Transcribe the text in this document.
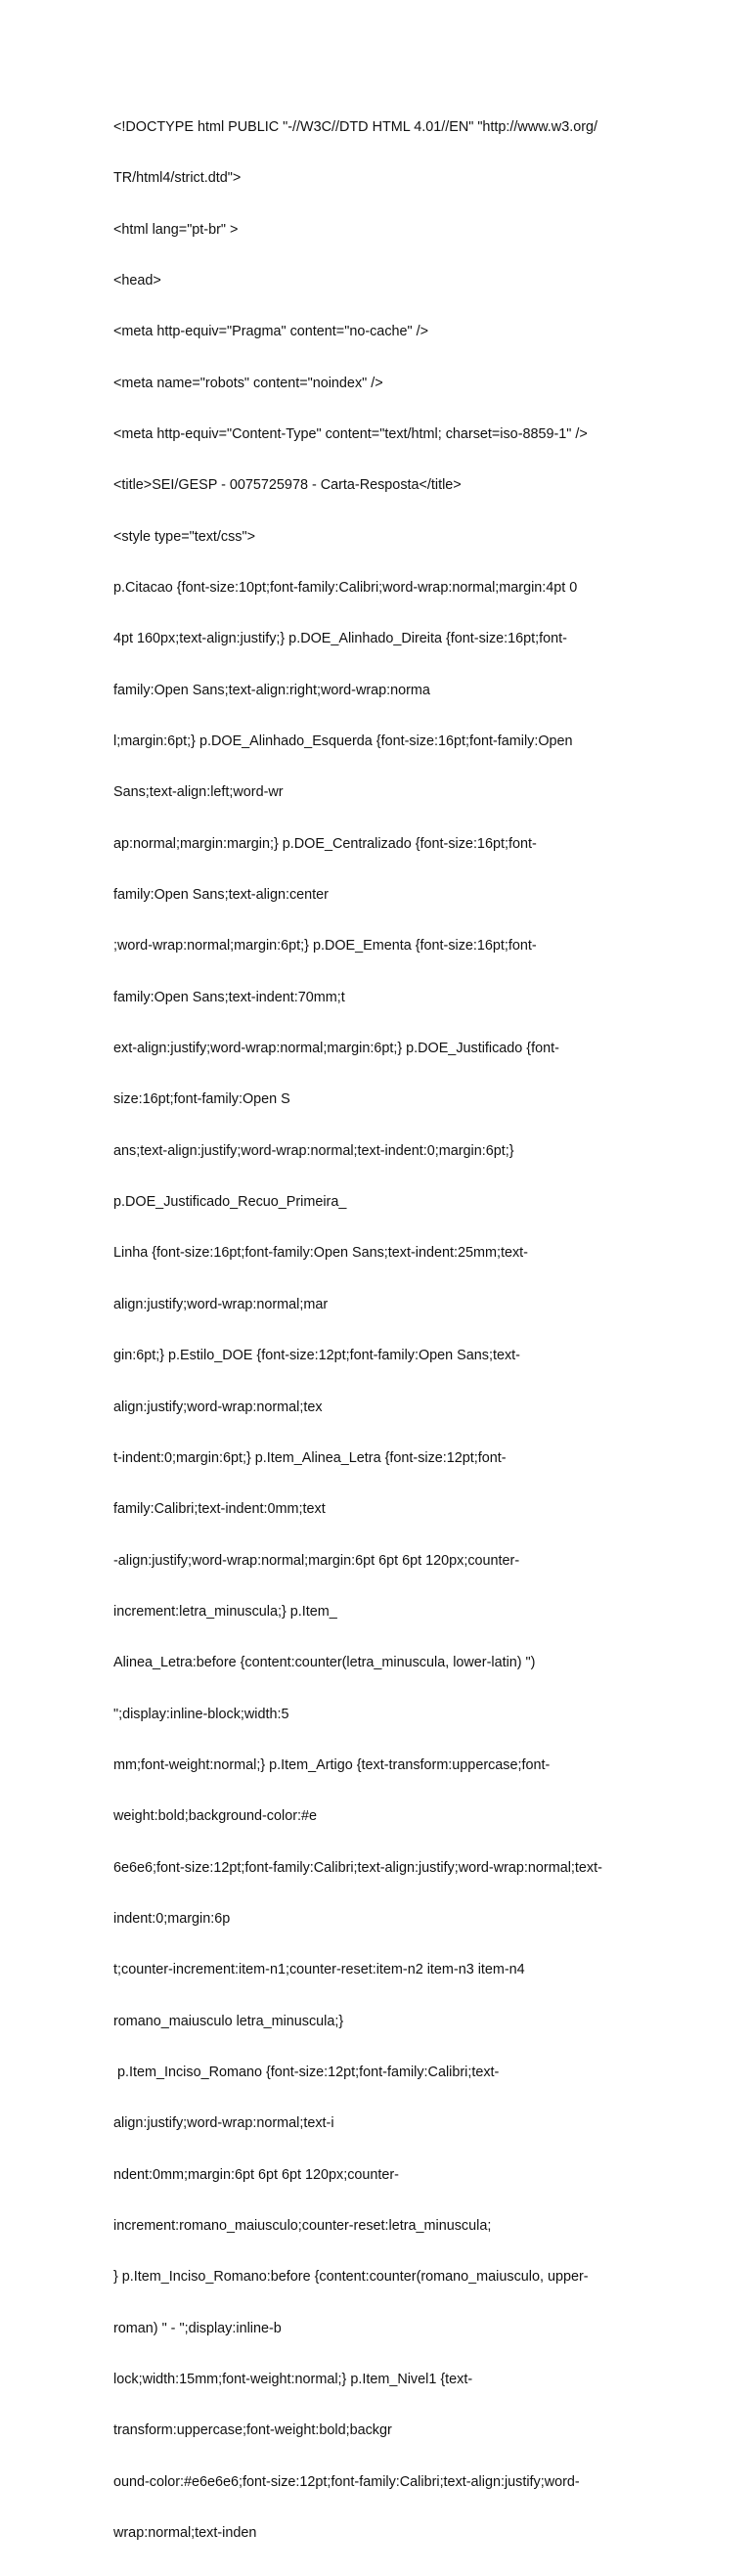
<!DOCTYPE html PUBLIC "-//W3C//DTD HTML 4.01//EN" "http://www.w3.org/

TR/html4/strict.dtd">

<html lang="pt-br" >

<head>

<meta http-equiv="Pragma" content="no-cache" />

<meta name="robots" content="noindex" />

<meta http-equiv="Content-Type" content="text/html; charset=iso-8859-1" />

<title>SEI/GESP - 0075725978 - Carta-Resposta</title>

<style type="text/css">

p.Citacao {font-size:10pt;font-family:Calibri;word-wrap:normal;margin:4pt 0

4pt 160px;text-align:justify;} p.DOE_Alinhado_Direita {font-size:16pt;font-

family:Open Sans;text-align:right;word-wrap:norma

l;margin:6pt;} p.DOE_Alinhado_Esquerda {font-size:16pt;font-family:Open

Sans;text-align:left;word-wr

ap:normal;margin:margin;} p.DOE_Centralizado {font-size:16pt;font-

family:Open Sans;text-align:center

;word-wrap:normal;margin:6pt;} p.DOE_Ementa {font-size:16pt;font-

family:Open Sans;text-indent:70mm;t

ext-align:justify;word-wrap:normal;margin:6pt;} p.DOE_Justificado {font-

size:16pt;font-family:Open S

ans;text-align:justify;word-wrap:normal;text-indent:0;margin:6pt;}

p.DOE_Justificado_Recuo_Primeira_

Linha {font-size:16pt;font-family:Open Sans;text-indent:25mm;text-

align:justify;word-wrap:normal;mar

gin:6pt;} p.Estilo_DOE {font-size:12pt;font-family:Open Sans;text-

align:justify;word-wrap:normal;tex

t-indent:0;margin:6pt;} p.Item_Alinea_Letra {font-size:12pt;font-

family:Calibri;text-indent:0mm;text

-align:justify;word-wrap:normal;margin:6pt 6pt 6pt 120px;counter-

increment:letra_minuscula;} p.Item_

Alinea_Letra:before {content:counter(letra_minuscula, lower-latin) ")

";display:inline-block;width:5

mm;font-weight:normal;} p.Item_Artigo {text-transform:uppercase;font-

weight:bold;background-color:#e

6e6e6;font-size:12pt;font-family:Calibri;text-align:justify;word-wrap:normal;text-

indent:0;margin:6p

t;counter-increment:item-n1;counter-reset:item-n2 item-n3 item-n4

romano_maiusculo letra_minuscula;}

p.Item_Inciso_Romano {font-size:12pt;font-family:Calibri;text-

align:justify;word-wrap:normal;text-i

ndent:0mm;margin:6pt 6pt 6pt 120px;counter-

increment:romano_maiusculo;counter-reset:letra_minuscula;

} p.Item_Inciso_Romano:before {content:counter(romano_maiusculo, upper-

roman) " - ";display:inline-b

lock;width:15mm;font-weight:normal;} p.Item_Nivel1 {text-

transform:uppercase;font-weight:bold;backgr

ound-color:#e6e6e6;font-size:12pt;font-family:Calibri;text-align:justify;word-

wrap:normal;text-inden
